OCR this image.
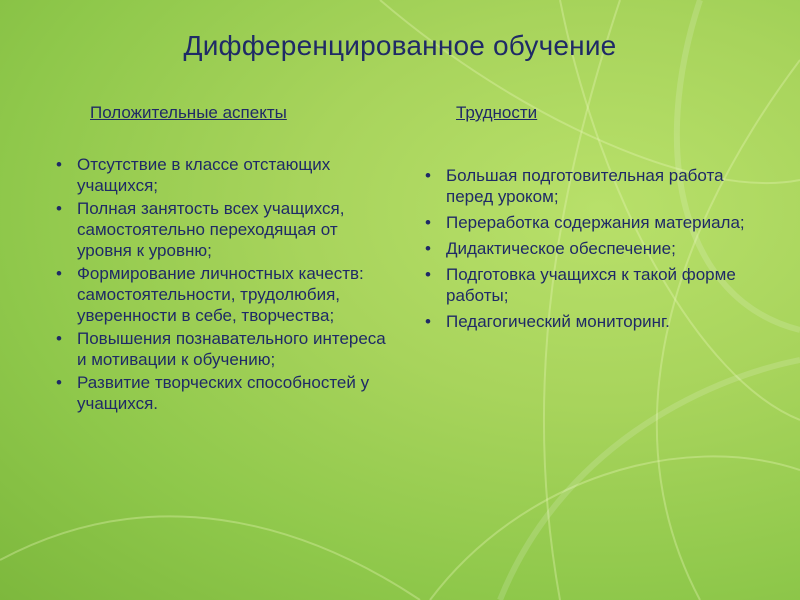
Дифференцированное обучение
Положительные аспекты	Трудности
• Отсутствие в классе отстающих учащихся;
• Полная занятость всех учащихся, самостоятельно переходящая от уровня к уровню;
• Формирование личностных качеств: самостоятельности, трудолюбия, уверенности в себе, творчества;
• Повышения познавательного интереса и мотивации к обучению;
• Развитие творческих способностей у учащихся.
• Большая подготовительная работа перед уроком;
• Переработка содержания материала;
• Дидактическое обеспечение;
• Подготовка учащихся к такой форме работы;
• Педагогический мониторинг.
